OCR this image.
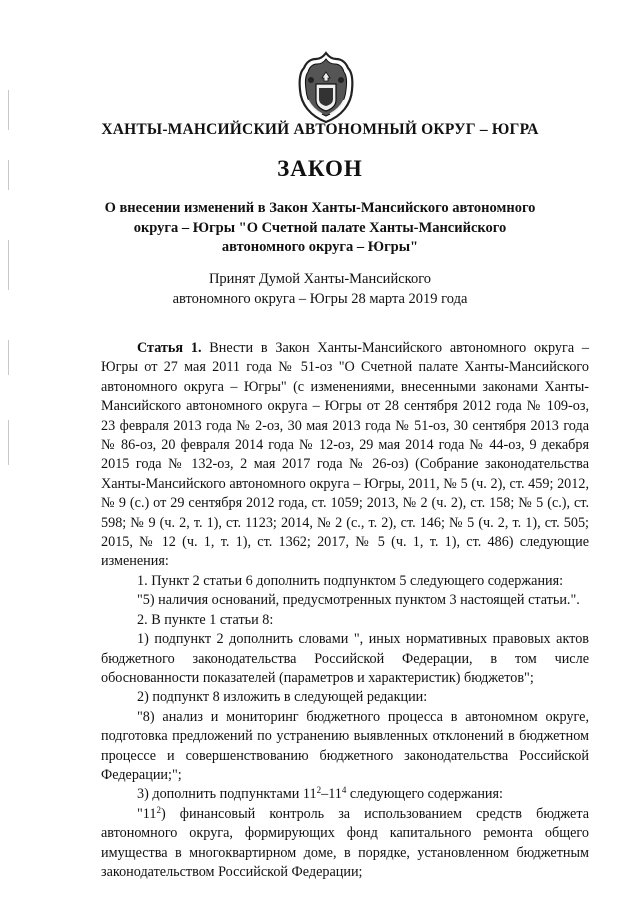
ХАНТЫ-МАНСИЙСКИЙ АВТОНОМНЫЙ ОКРУГ – ЮГРА
ЗАКОН
О внесении изменений в Закон Ханты-Мансийского автономного
округа – Югры "О Счетной палате Ханты-Мансийского
автономного округа – Югры"
Принят Думой Ханты-Мансийского
автономного округа – Югры 28 марта 2019 года

Статья 1. Внести в Закон Ханты-Мансийского автономного округа – Югры от 27 мая 2011 года № 51-оз "О Счетной палате Ханты-Мансийского автономного округа – Югры" (с изменениями, внесенными законами Ханты-Мансийского автономного округа – Югры от 28 сентября 2012 года № 109-оз, 23 февраля 2013 года № 2-оз, 30 мая 2013 года № 51-оз, 30 сентября 2013 года № 86-оз, 20 февраля 2014 года № 12-оз, 29 мая 2014 года № 44-оз, 9 декабря 2015 года № 132-оз, 2 мая 2017 года № 26-оз) (Собрание законодательства Ханты-Мансийского автономного округа – Югры, 2011, № 5 (ч. 2), ст. 459; 2012, № 9 (с.) от 29 сентября 2012 года, ст. 1059; 2013, № 2 (ч. 2), ст. 158; № 5 (с.), ст. 598; № 9 (ч. 2, т. 1), ст. 1123; 2014, № 2 (с., т. 2), ст. 146; № 5 (ч. 2, т. 1), ст. 505; 2015, № 12 (ч. 1, т. 1), ст. 1362; 2017, № 5 (ч. 1, т. 1), ст. 486) следующие изменения:

1. Пункт 2 статьи 6 дополнить подпунктом 5 следующего содержания:

"5) наличия оснований, предусмотренных пунктом 3 настоящей статьи.".

2. В пункте 1 статьи 8:

1) подпункт 2 дополнить словами ", иных нормативных правовых актов бюджетного законодательства Российской Федерации, в том числе обоснованности показателей (параметров и характеристик) бюджетов";

2) подпункт 8 изложить в следующей редакции:

"8) анализ и мониторинг бюджетного процесса в автономном округе, подготовка предложений по устранению выявленных отклонений в бюджетном процессе и совершенствованию бюджетного законодательства Российской Федерации;";

3) дополнить подпунктами $11^2-11^4$ следующего содержания:

"$11^2$) финансовый контроль за использованием средств бюджета автономного округа, формирующих фонд капитального ремонта общего имущества в многоквартирном доме, в порядке, установленном бюджетным законодательством Российской Федерации;
